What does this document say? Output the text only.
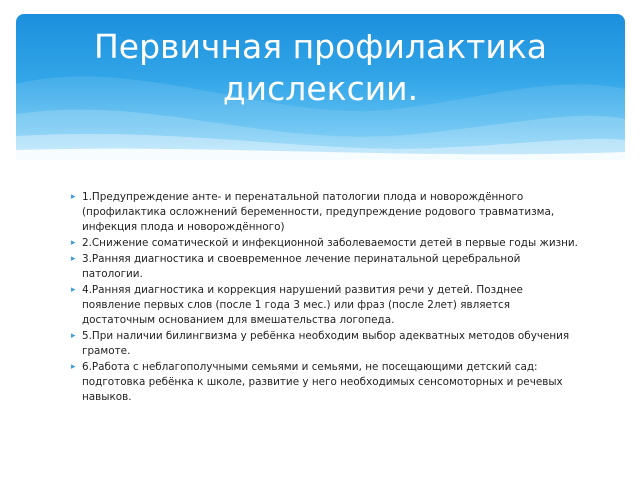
Первичная профилактика
дислексии.
▸ 1.Предупреждение анте- и перенатальной патологии плода и новорождённого (профилактика осложнений беременности, предупреждение родового травматизма, инфекция плода и новорождённого)
▸ 2.Снижение соматической и инфекционной заболеваемости детей в первые годы жизни.
▸ 3.Ранняя диагностика и своевременное лечение перинатальной церебральной патологии.
▸ 4.Ранняя диагностика и коррекция нарушений развития речи у детей. Позднее появление первых слов (после 1 года 3 мес.) или фраз (после 2лет) является достаточным основанием для вмешательства логопеда.
▸ 5.При наличии билингвизма у ребёнка необходим выбор адекватных методов обучения грамоте.
▸ 6.Работа с неблагополучными семьями и семьями, не посещающими детский сад: подготовка ребёнка к школе, развитие у него необходимых сенсомоторных и речевых навыков.
